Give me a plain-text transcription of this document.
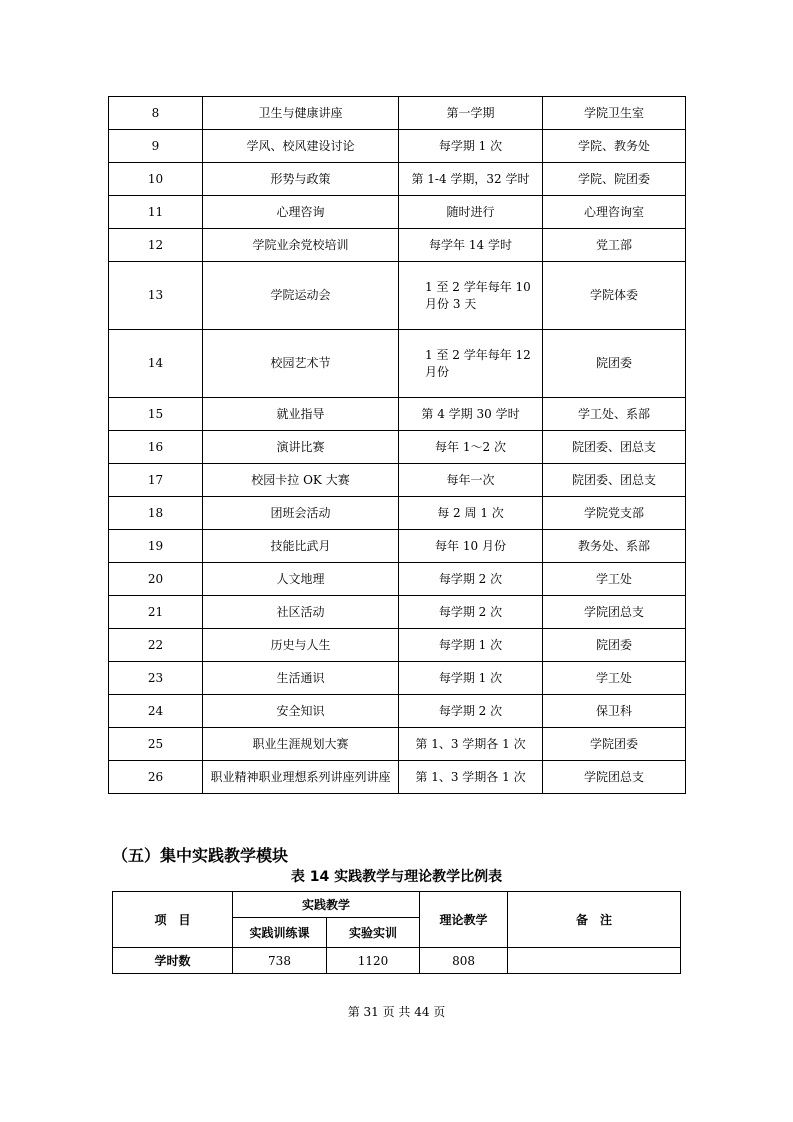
8	卫生与健康讲座	第一学期	学院卫生室
9	学风、校风建设讨论	每学期 1 次	学院、教务处
10	形势与政策	第 1-4 学期，32 学时	学院、院团委
11	心理咨询	随时进行	心理咨询室
12	学院业余党校培训	每学年 14 学时	党工部
13	学院运动会	1 至 2 学年每年 10 月份 3 天	学院体委
14	校园艺术节	1 至 2 学年每年 12 月份	院团委
15	就业指导	第 4 学期 30 学时	学工处、系部
16	演讲比赛	每年 1～2 次	院团委、团总支
17	校园卡拉 OK 大赛	每年一次	院团委、团总支
18	团班会活动	每 2 周 1 次	学院党支部
19	技能比武月	每年 10 月份	教务处、系部
20	人文地理	每学期 2 次	学工处
21	社区活动	每学期 2 次	学院团总支
22	历史与人生	每学期 1 次	院团委
23	生活通识	每学期 1 次	学工处
24	安全知识	每学期 2 次	保卫科
25	职业生涯规划大赛	第 1、3 学期各 1 次	学院团委
26	职业精神职业理想系列讲座列讲座	第 1、3 学期各 1 次	学院团总支
（五）集中实践教学模块
表 14 实践教学与理论教学比例表
项　目	实践教学		理论教学	备　注
	实践训练课	实验实训		
学时数	738	1120	808	
第 31 页 共 44 页
